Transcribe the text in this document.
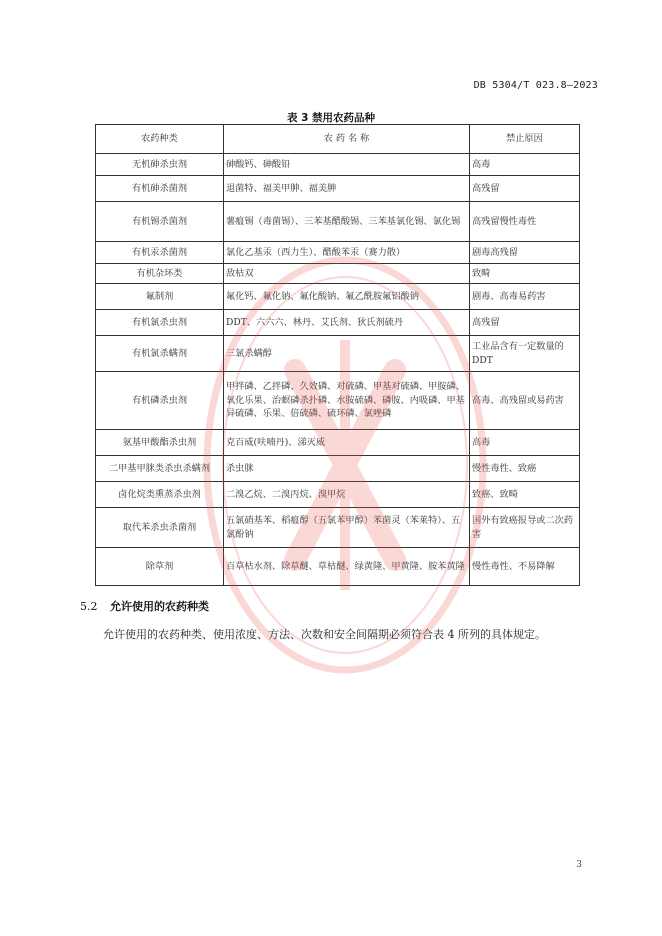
DB 5304/T 023.8—2023
表 3 禁用农药品种
农药种类	农 药 名 称	禁止原因
无机砷杀虫剂	砷酸钙、砷酸铅	高毒
有机砷杀菌剂	退菌特、福美甲胂、福美胂	高残留
有机锡杀菌剂	薯瘟锡（毒菌锡）、三苯基醋酸锡、三苯基氯化锡、氯化锡	高残留慢性毒性
有机汞杀菌剂	氯化乙基汞（西力生）、醋酸苯汞（赛力散）	剧毒高残留
有机杂环类	敌枯双	致畸
氟制剂	氟化钙、氟化钠、氟化酸钠、氟乙酰胺氟铝酸钠	剧毒、高毒易药害
有机氯杀虫剂	DDT、六六六、林丹、艾氏剂、狄氏剂硫丹	高残留
有机氯杀螨剂	三氯杀螨醇	工业品含有一定数量的DDT
有机磷杀虫剂	甲拌磷、乙拌磷、久效磷、对硫磷、甲基对硫磷、甲胺磷、氧化乐果、治螟磷杀扑磷、水胺硫磷、磷胺、内吸磷、甲基异硫磷、乐果、倍硫磷、硫环磷、氯唑磷	高毒、高残留或易药害
氨基甲酸酯杀虫剂	克百威(呋喃丹)、涕灭威	高毒
二甲基甲脒类杀虫杀螨剂	杀虫脒	慢性毒性、致癌
卤化烷类熏蒸杀虫剂	二溴乙烷、二溴丙烷、溴甲烷	致癌、致畸
取代苯杀虫杀菌剂	五氯硝基苯、稻瘟醇（五氯苯甲醇）苯菌灵（苯莱特）、五氯酚钠	国外有致癌报导或二次药害
除草剂	百草枯水剂、除草醚、草枯醚、绿黄隆、甲黄隆、胺苯黄隆	慢性毒性、不易降解
5.2 允许使用的农药种类
允许使用的农药种类、使用浓度、方法、次数和安全间隔期必须符合表 4 所列的具体规定。
3
